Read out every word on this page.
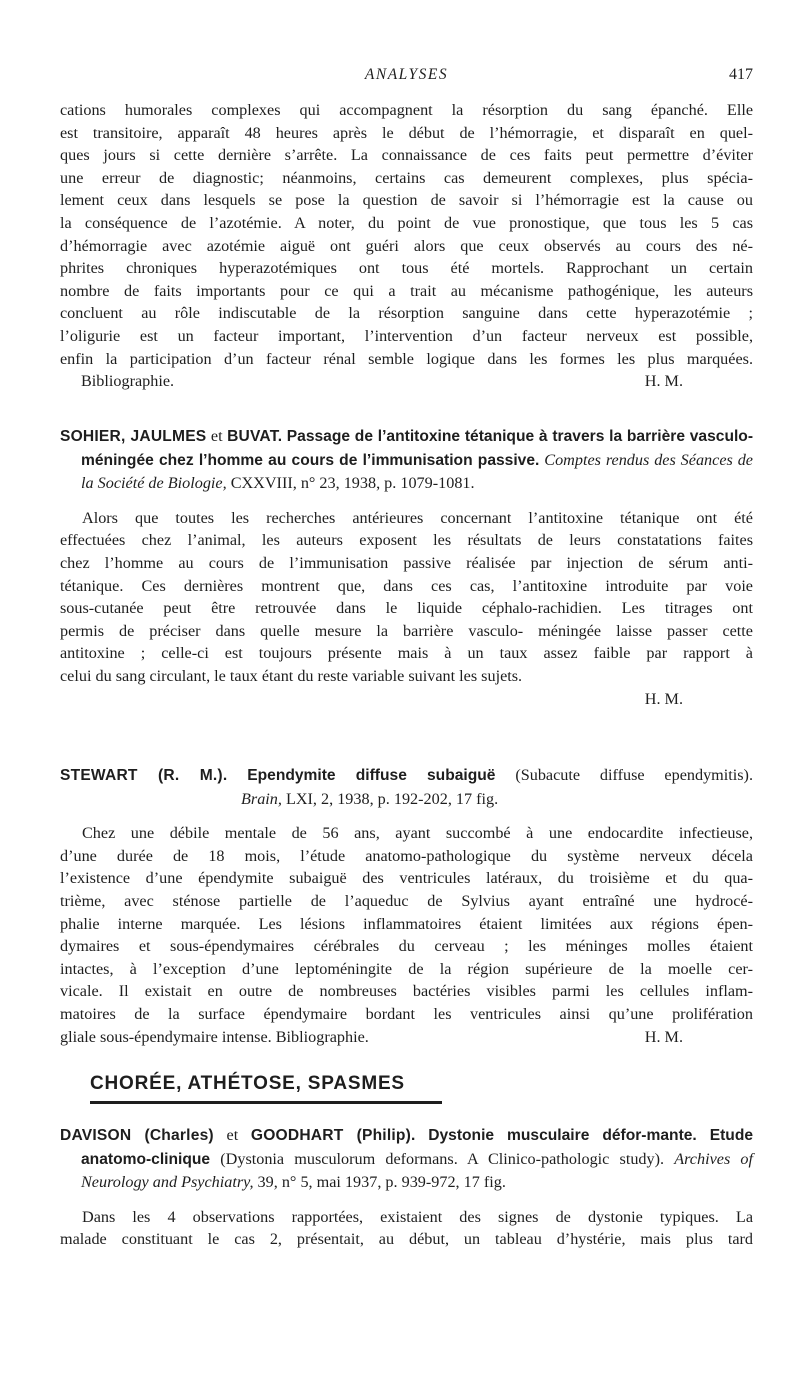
ANALYSES	417

cations humorales complexes qui accompagnent la résorption du sang épanché. Elle

est transitoire, apparaît 48 heures après le début de l’hémorragie, et disparaît en quel-

ques jours si cette dernière s’arrête. La connaissance de ces faits peut permettre d’éviter

une erreur de diagnostic; néanmoins, certains cas demeurent complexes, plus spécia-

lement ceux dans lesquels se pose la question de savoir si l’hémorragie est la cause ou

la conséquence de l’azotémie. A noter, du point de vue pronostique, que tous les 5 cas

d’hémorragie avec azotémie aiguë ont guéri alors que ceux observés au cours des né-

phrites chroniques hyperazotémiques ont tous été mortels. Rapprochant un certain

nombre de faits importants pour ce qui a trait au mécanisme pathogénique, les auteurs

concluent au rôle indiscutable de la résorption sanguine dans cette hyperazotémie ;

l’oligurie est un facteur important, l’intervention d’un facteur nerveux est possible,

enfin la participation d’un facteur rénal semble logique dans les formes les plus marquées.

Bibliographie.	H. M.

SOHIER, JAULMES et BUVAT. Passage de l’antitoxine tétanique à travers la barrière vasculo-méningée chez l’homme au cours de l’immunisation passive. Comptes rendus des Séances de la Société de Biologie, CXXVIII, n° 23, 1938, p. 1079-1081.

Alors que toutes les recherches antérieures concernant l’antitoxine tétanique ont été

effectuées chez l’animal, les auteurs exposent les résultats de leurs constatations faites

chez l’homme au cours de l’immunisation passive réalisée par injection de sérum anti-

tétanique. Ces dernières montrent que, dans ces cas, l’antitoxine introduite par voie

sous-cutanée peut être retrouvée dans le liquide céphalo-rachidien. Les titrages ont

permis de préciser dans quelle mesure la barrière vasculo- méningée laisse passer cette

antitoxine ; celle-ci est toujours présente mais à un taux assez faible par rapport à

celui du sang circulant, le taux étant du reste variable suivant les sujets.

H. M.

STEWART (R. M.). Ependymite diffuse subaiguë (Subacute diffuse ependymitis). Brain, LXI, 2, 1938, p. 192-202, 17 fig.

Chez une débile mentale de 56 ans, ayant succombé à une endocardite infectieuse,

d’une durée de 18 mois, l’étude anatomo-pathologique du système nerveux décela

l’existence d’une épendymite subaiguë des ventricules latéraux, du troisième et du qua-

trième, avec sténose partielle de l’aqueduc de Sylvius ayant entraîné une hydrocé-

phalie interne marquée. Les lésions inflammatoires étaient limitées aux régions épen-

dymaires et sous-épendymaires cérébrales du cerveau ; les méninges molles étaient

intactes, à l’exception d’une leptoméningite de la région supérieure de la moelle cer-

vicale. Il existait en outre de nombreuses bactéries visibles parmi les cellules inflam-

matoires de la surface épendymaire bordant les ventricules ainsi qu’une prolifération

gliale sous-épendymaire intense. Bibliographie.	H. M.
CHORÉE, ATHÉTOSE, SPASMES

DAVISON (Charles) et GOODHART (Philip). Dystonie musculaire défor-mante. Etude anatomo-clinique (Dystonia musculorum deformans. A Clinico-pathologic study). Archives of Neurology and Psychiatry, 39, n° 5, mai 1937, p. 939-972, 17 fig.

Dans les 4 observations rapportées, existaient des signes de dystonie typiques. La

malade constituant le cas 2, présentait, au début, un tableau d’hystérie, mais plus tard
